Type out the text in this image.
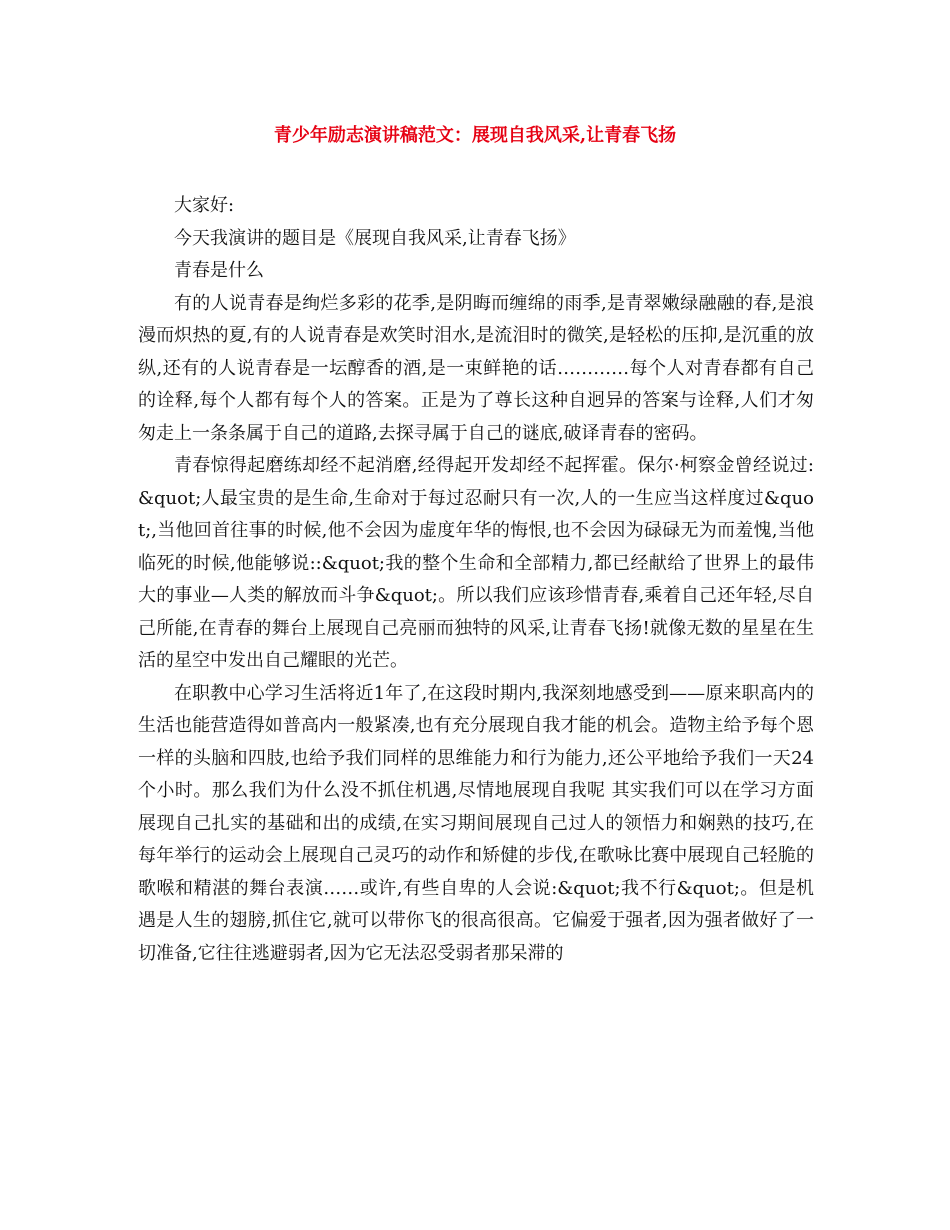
青少年励志演讲稿范文：展现自我风采,让青春飞扬

大家好:

今天我演讲的题目是《展现自我风采,让青春飞扬》

青春是什么

有的人说青春是绚烂多彩的花季,是阴晦而缠绵的雨季,是青翠嫩绿融融的春,是浪漫而炽热的夏,有的人说青春是欢笑时泪水,是流泪时的微笑,是轻松的压抑,是沉重的放纵,还有的人说青春是一坛醇香的酒,是一束鲜艳的话…………每个人对青春都有自己的诠释,每个人都有每个人的答案。正是为了尊长这种自迥异的答案与诠释,人们才匆匆走上一条条属于自己的道路,去探寻属于自己的谜底,破译青春的密码。

青春惊得起磨练却经不起消磨,经得起开发却经不起挥霍。保尔·柯察金曾经说过:&quot;人最宝贵的是生命,生命对于每过忍耐只有一次,人的一生应当这样度过&quot;,当他回首往事的时候,他不会因为虚度年华的悔恨,也不会因为碌碌无为而羞愧,当他临死的时候,他能够说::&quot;我的整个生命和全部精力,都已经献给了世界上的最伟大的事业—人类的解放而斗争&quot;。所以我们应该珍惜青春,乘着自己还年轻,尽自己所能,在青春的舞台上展现自己亮丽而独特的风采,让青春飞扬!就像无数的星星在生活的星空中发出自己耀眼的光芒。

在职教中心学习生活将近1年了,在这段时期内,我深刻地感受到——原来职高内的生活也能营造得如普高内一般紧凑,也有充分展现自我才能的机会。造物主给予每个恩一样的头脑和四肢,也给予我们同样的思维能力和行为能力,还公平地给予我们一天24个小时。那么我们为什么没不抓住机遇,尽情地展现自我呢 其实我们可以在学习方面展现自己扎实的基础和出的成绩,在实习期间展现自己过人的领悟力和娴熟的技巧,在每年举行的运动会上展现自己灵巧的动作和矫健的步伐,在歌咏比赛中展现自己轻脆的歌喉和精湛的舞台表演……或许,有些自卑的人会说:&quot;我不行&quot;。但是机遇是人生的翅膀,抓住它,就可以带你飞的很高很高。它偏爱于强者,因为强者做好了一切准备,它往往逃避弱者,因为它无法忍受弱者那呆滞的
